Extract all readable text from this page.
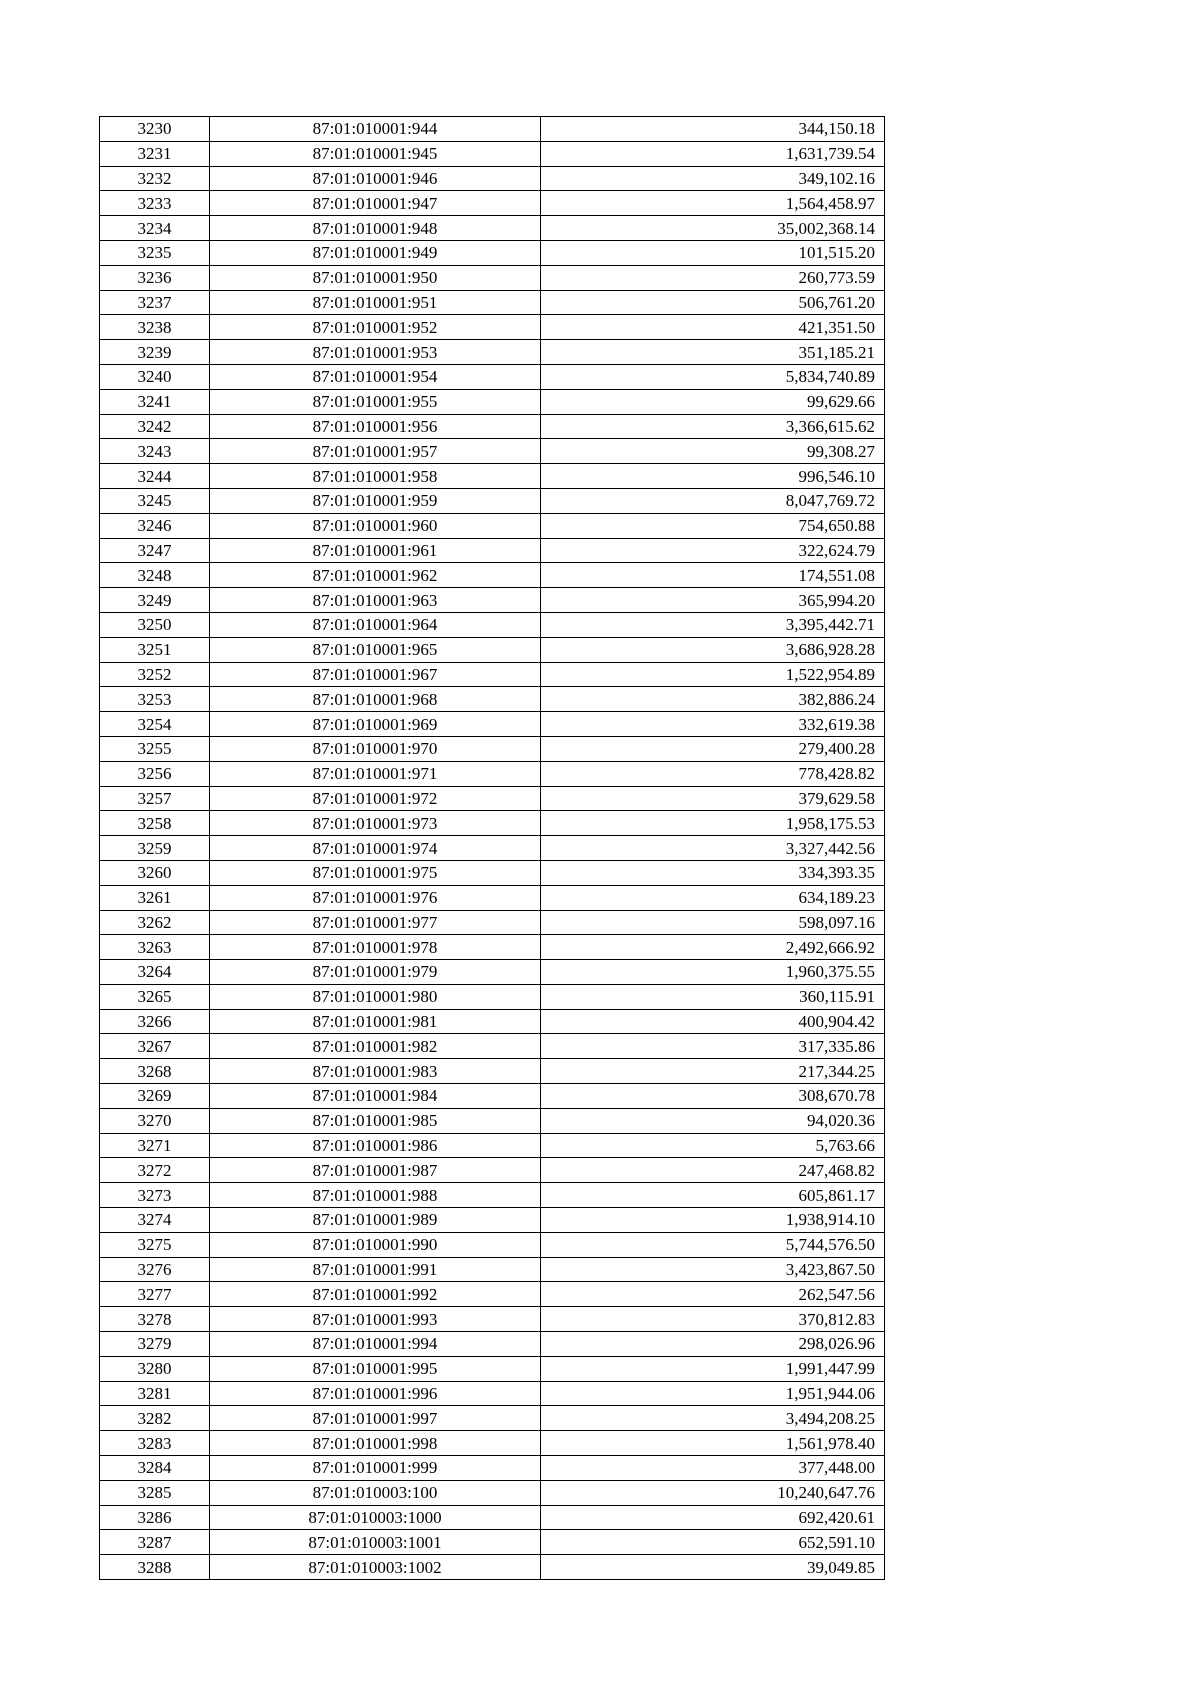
3230	87:01:010001:944	344,150.18
3231	87:01:010001:945	1,631,739.54
3232	87:01:010001:946	349,102.16
3233	87:01:010001:947	1,564,458.97
3234	87:01:010001:948	35,002,368.14
3235	87:01:010001:949	101,515.20
3236	87:01:010001:950	260,773.59
3237	87:01:010001:951	506,761.20
3238	87:01:010001:952	421,351.50
3239	87:01:010001:953	351,185.21
3240	87:01:010001:954	5,834,740.89
3241	87:01:010001:955	99,629.66
3242	87:01:010001:956	3,366,615.62
3243	87:01:010001:957	99,308.27
3244	87:01:010001:958	996,546.10
3245	87:01:010001:959	8,047,769.72
3246	87:01:010001:960	754,650.88
3247	87:01:010001:961	322,624.79
3248	87:01:010001:962	174,551.08
3249	87:01:010001:963	365,994.20
3250	87:01:010001:964	3,395,442.71
3251	87:01:010001:965	3,686,928.28
3252	87:01:010001:967	1,522,954.89
3253	87:01:010001:968	382,886.24
3254	87:01:010001:969	332,619.38
3255	87:01:010001:970	279,400.28
3256	87:01:010001:971	778,428.82
3257	87:01:010001:972	379,629.58
3258	87:01:010001:973	1,958,175.53
3259	87:01:010001:974	3,327,442.56
3260	87:01:010001:975	334,393.35
3261	87:01:010001:976	634,189.23
3262	87:01:010001:977	598,097.16
3263	87:01:010001:978	2,492,666.92
3264	87:01:010001:979	1,960,375.55
3265	87:01:010001:980	360,115.91
3266	87:01:010001:981	400,904.42
3267	87:01:010001:982	317,335.86
3268	87:01:010001:983	217,344.25
3269	87:01:010001:984	308,670.78
3270	87:01:010001:985	94,020.36
3271	87:01:010001:986	5,763.66
3272	87:01:010001:987	247,468.82
3273	87:01:010001:988	605,861.17
3274	87:01:010001:989	1,938,914.10
3275	87:01:010001:990	5,744,576.50
3276	87:01:010001:991	3,423,867.50
3277	87:01:010001:992	262,547.56
3278	87:01:010001:993	370,812.83
3279	87:01:010001:994	298,026.96
3280	87:01:010001:995	1,991,447.99
3281	87:01:010001:996	1,951,944.06
3282	87:01:010001:997	3,494,208.25
3283	87:01:010001:998	1,561,978.40
3284	87:01:010001:999	377,448.00
3285	87:01:010003:100	10,240,647.76
3286	87:01:010003:1000	692,420.61
3287	87:01:010003:1001	652,591.10
3288	87:01:010003:1002	39,049.85
